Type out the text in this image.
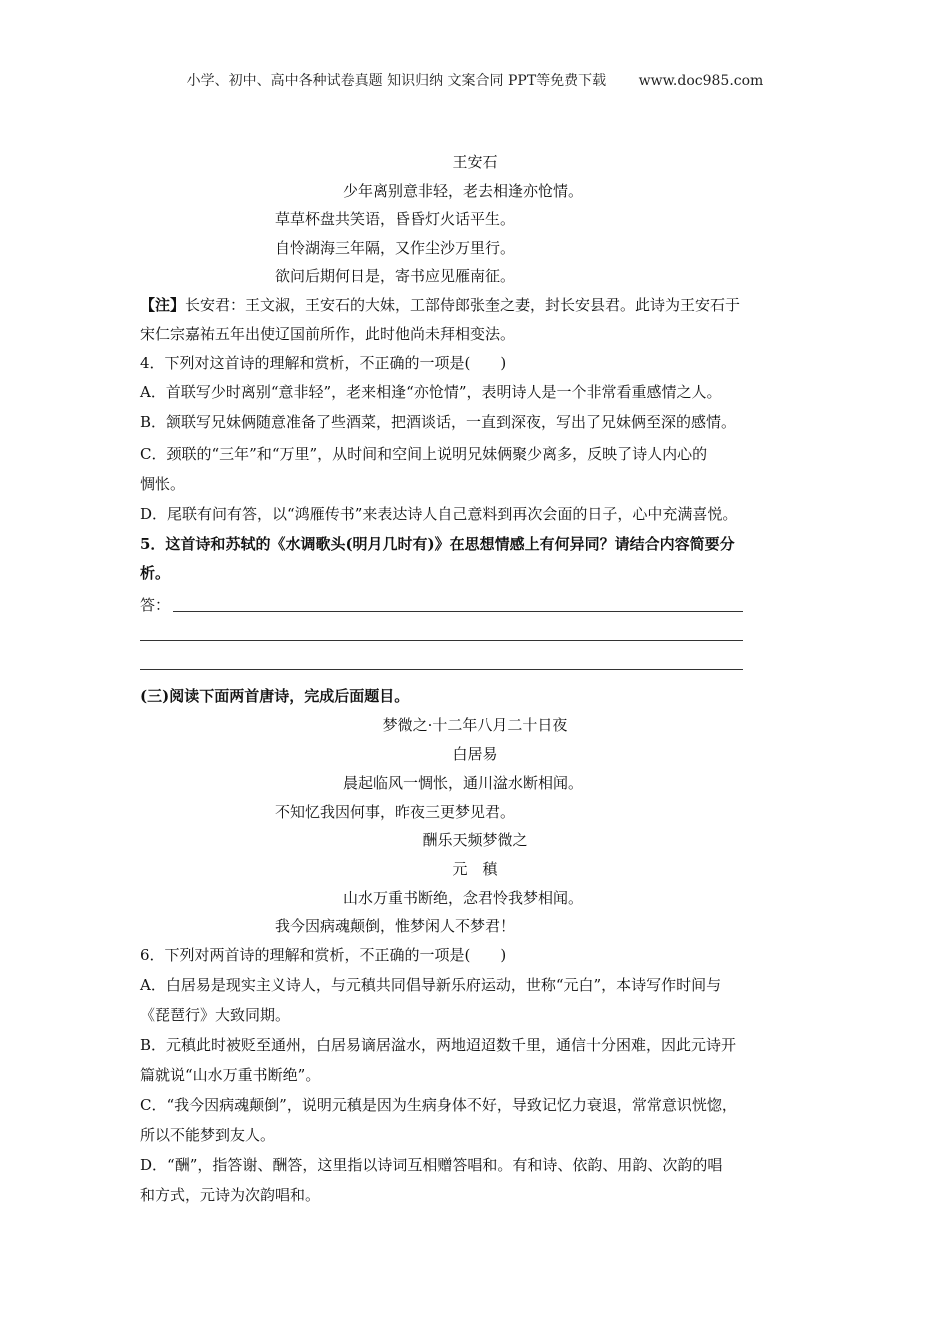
小学、初中、高中各种试卷真题 知识归纳 文案合同 PPT等免费下载 www.doc985.com
王安石
少年离别意非轻，老去相逢亦怆情。
草草杯盘共笑语，昏昏灯火话平生。
自怜湖海三年隔，又作尘沙万里行。
欲问后期何日是，寄书应见雁南征。
【注】长安君：王文淑，王安石的大妹，工部侍郎张奎之妻，封长安县君。此诗为王安石于
宋仁宗嘉祐五年出使辽国前所作，此时他尚未拜相变法。
4．下列对这首诗的理解和赏析，不正确的一项是(　　)
A．首联写少时离别“意非轻”，老来相逢“亦怆情”，表明诗人是一个非常看重感情之人。
B．颔联写兄妹俩随意准备了些酒菜，把酒谈话，一直到深夜，写出了兄妹俩至深的感情。
C．颈联的“三年”和“万里”，从时间和空间上说明兄妹俩聚少离多，反映了诗人内心的
惆怅。
D．尾联有问有答，以“鸿雁传书”来表达诗人自己意料到再次会面的日子，心中充满喜悦。
5．这首诗和苏轼的《水调歌头(明月几时有)》在思想情感上有何异同？请结合内容简要分
析。
答：
(三)阅读下面两首唐诗，完成后面题目。
梦微之·十二年八月二十日夜
白居易
晨起临风一惆怅，通川湓水断相闻。
不知忆我因何事，昨夜三更梦见君。
酬乐天频梦微之
元　稹
山水万重书断绝，念君怜我梦相闻。
我今因病魂颠倒，惟梦闲人不梦君！
6．下列对两首诗的理解和赏析，不正确的一项是(　　)
A．白居易是现实主义诗人，与元稹共同倡导新乐府运动，世称“元白”，本诗写作时间与
《琵琶行》大致同期。
B．元稹此时被贬至通州，白居易谪居湓水，两地迢迢数千里，通信十分困难，因此元诗开
篇就说“山水万重书断绝”。
C．“我今因病魂颠倒”，说明元稹是因为生病身体不好，导致记忆力衰退，常常意识恍惚，
所以不能梦到友人。
D．“酬”，指答谢、酬答，这里指以诗词互相赠答唱和。有和诗、依韵、用韵、次韵的唱
和方式，元诗为次韵唱和。
